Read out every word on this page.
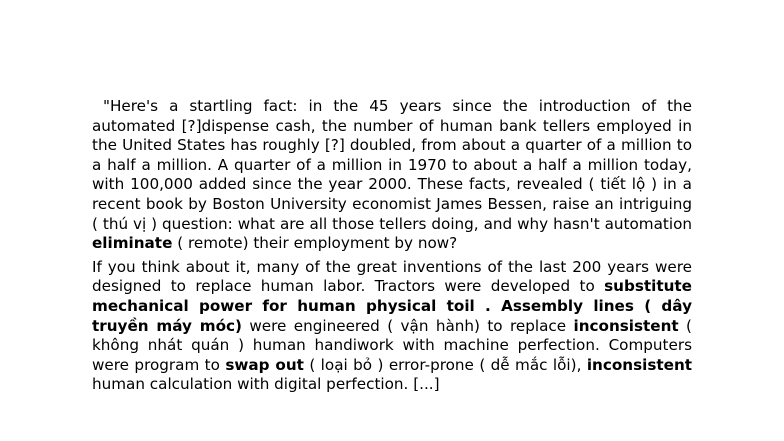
"Here's a startling fact: in the 45 years since the introduction of the automated [?]dispense cash, the number of human bank tellers employed in the United States has roughly [?] doubled, from about a quarter of a million to a half a million. A quarter of a million in 1970 to about a half a million today, with 100,000 added since the year 2000. These facts, revealed ( tiết lộ ) in a recent book by Boston University economist James Bessen, raise an intriguing ( thú vị ) question: what are all those tellers doing, and why hasn't automation eliminate ( remote) their employment by now?

If you think about it, many of the great inventions of the last 200 years were designed to replace human labor. Tractors were developed to substitute mechanical power for human physical toil . Assembly lines ( dây truyền máy móc) were engineered ( vận hành) to replace inconsistent ( không nhát quán ) human handiwork with machine perfection. Computers were program to swap out ( loại bỏ ) error-prone ( dễ mắc lỗi), inconsistent human calculation with digital perfection. [...]
